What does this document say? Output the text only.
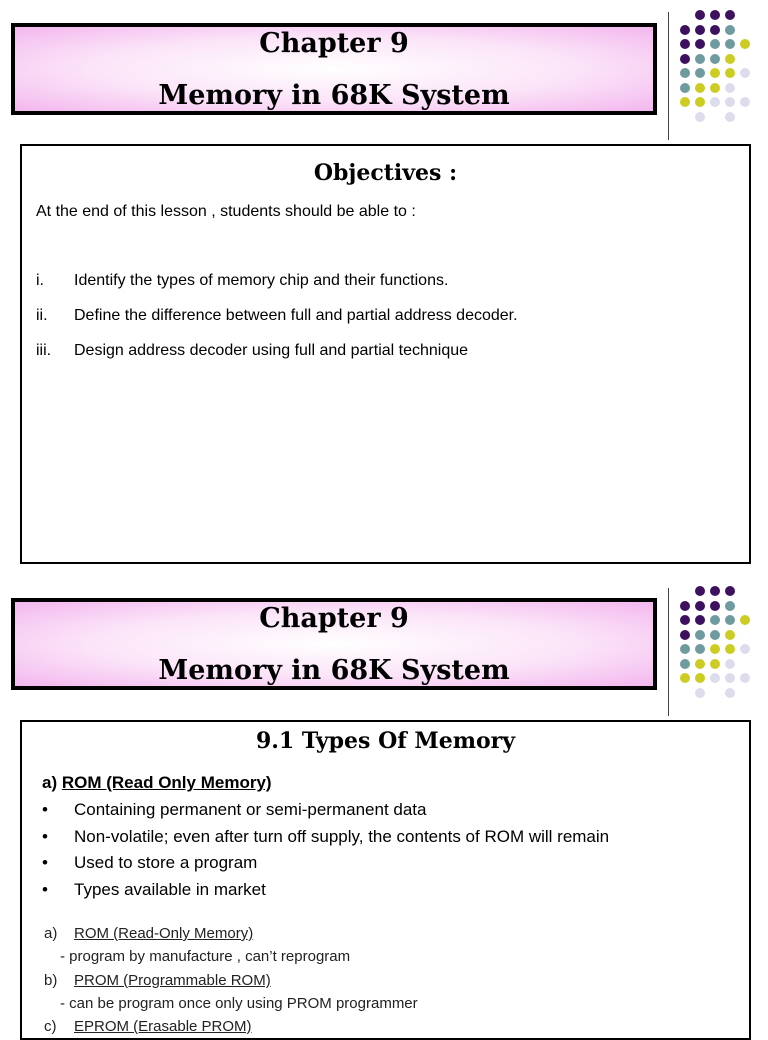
Chapter 9
Memory in 68K System
Objectives :
At the end of this lesson , students should be able to :
i. Identify the types of memory chip and their functions.
ii. Define the difference between full and partial address decoder.
iii. Design address decoder using full and partial technique
Chapter 9
Memory in 68K System
9.1 Types Of Memory
a) ROM (Read Only Memory)
• Containing permanent or semi-permanent data
• Non-volatile; even after turn off supply, the contents of ROM will remain
• Used to store a program
• Types available in market
a) ROM (Read-Only Memory)
- program by manufacture , can’t reprogram
b) PROM (Programmable ROM)
- can be program once only using PROM programmer
c) EPROM (Erasable PROM)
